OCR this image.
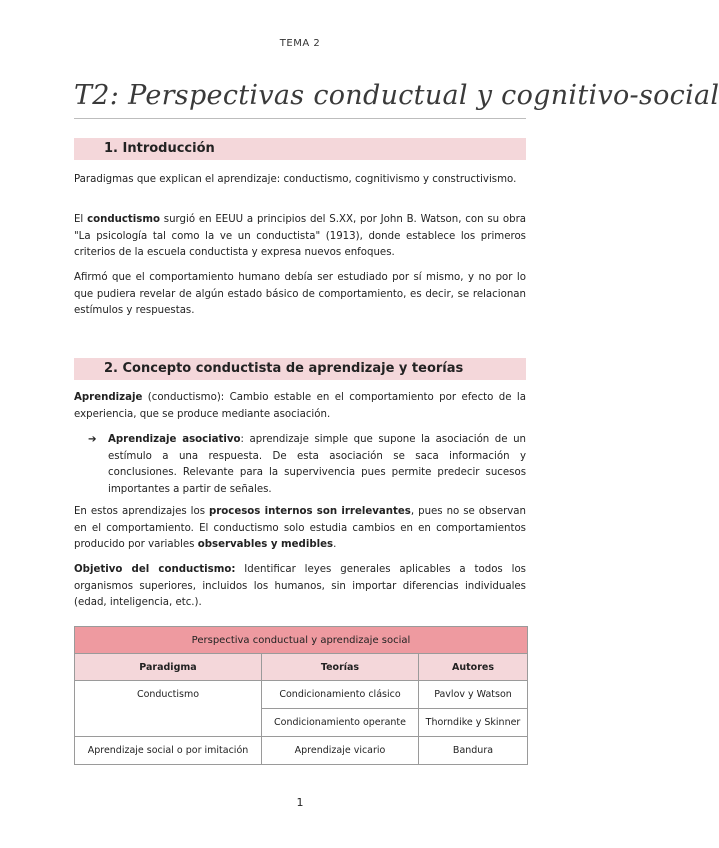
TEMA 2
T2: Perspectivas conductual y cognitivo-social
1. Introducción
Paradigmas que explican el aprendizaje: conductismo, cognitivismo y constructivismo.
El conductismo surgió en EEUU a principios del S.XX, por John B. Watson, con su obra "La psicología tal como la ve un conductista" (1913), donde establece los primeros criterios de la escuela conductista y expresa nuevos enfoques.
Afirmó que el comportamiento humano debía ser estudiado por sí mismo, y no por lo que pudiera revelar de algún estado básico de comportamiento, es decir, se relacionan estímulos y respuestas.
2. Concepto conductista de aprendizaje y teorías
Aprendizaje (conductismo): Cambio estable en el comportamiento por efecto de la experiencia, que se produce mediante asociación.
➔ Aprendizaje asociativo: aprendizaje simple que supone la asociación de un estímulo a una respuesta. De esta asociación se saca información y conclusiones. Relevante para la supervivencia pues permite predecir sucesos importantes a partir de señales.
En estos aprendizajes los procesos internos son irrelevantes, pues no se observan en el comportamiento. El conductismo solo estudia cambios en en comportamientos producido por variables observables y medibles.
Objetivo del conductismo: Identificar leyes generales aplicables a todos los organismos superiores, incluidos los humanos, sin importar diferencias individuales (edad, inteligencia, etc.).
Perspectiva conductual y aprendizaje social		
Paradigma	Teorías	Autores
Conductismo	Condicionamiento clásico	Pavlov y Watson
	Condicionamiento operante	Thorndike y Skinner
Aprendizaje social o por imitación	Aprendizaje vicario	Bandura
1
